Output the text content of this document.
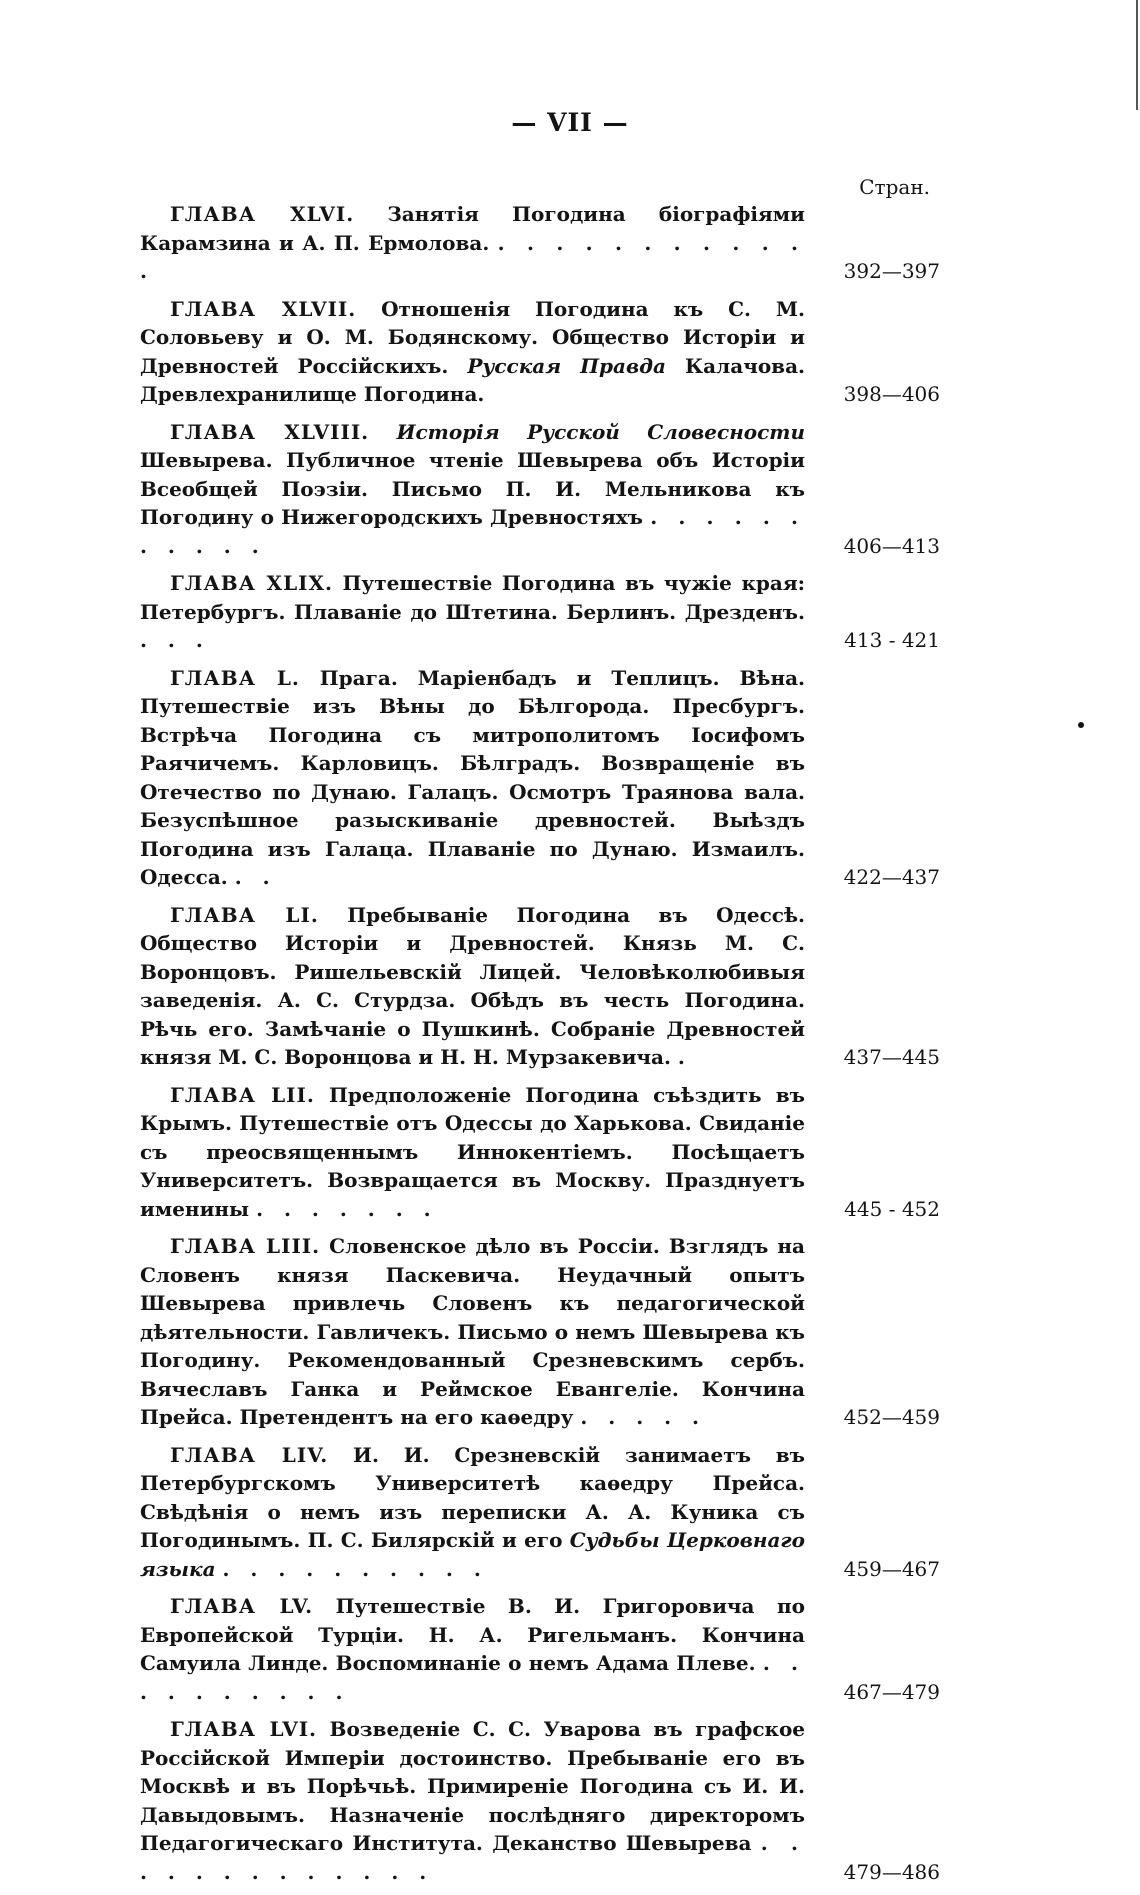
— VII —
Стран.
ГЛАВА XLVI. Занятія Погодина біографіями Карамзина и А. П. Ермолова. . . . . . . . . . . . .	392—397
ГЛАВА XLVII. Отношенія Погодина къ С. М. Соловьеву и О. М. Бодянскому. Общество Исторіи и Древностей Россійскихъ. Русская Правда Калачова. Древлехранилище Погодина.	398—406
ГЛАВА XLVIII. Исторія Русской Словесности Шевырева. Публичное чтеніе Шевырева объ Исторіи Всеобщей Поэзіи. Письмо П. И. Мельникова къ Погодину о Нижегородскихъ Древностяхъ . . . . . . . . . . .	406—413
ГЛАВА XLIX. Путешествіе Погодина въ чужіе края: Петербургъ. Плаваніе до Штетина. Берлинъ. Дрезденъ. . . .	413 - 421
ГЛАВА L. Прага. Маріенбадъ и Теплицъ. Вѣна. Путешествіе изъ Вѣны до Бѣлгорода. Пресбургъ. Встрѣча Погодина съ митрополитомъ Іосифомъ Раячичемъ. Карловицъ. Бѣлградъ. Возвращеніе въ Отечество по Дунаю. Галацъ. Осмотръ Траянова вала. Безуспѣшное разыскиваніе древностей. Выѣздъ Погодина изъ Галаца. Плаваніе по Дунаю. Измаилъ. Одесса. . .	422—437
ГЛАВА LI. Пребываніе Погодина въ Одессѣ. Общество Исторіи и Древностей. Князь М. С. Воронцовъ. Ришельевскій Лицей. Человѣколюбивыя заведенія. А. С. Стурдза. Обѣдъ въ честь Погодина. Рѣчь его. Замѣчаніе о Пушкинѣ. Собраніе Древностей князя М. С. Воронцова и Н. Н. Мурзакевича. .	437—445
ГЛАВА LII. Предположеніе Погодина съѣздить въ Крымъ. Путешествіе отъ Одессы до Харькова. Свиданіе съ преосвященнымъ Иннокентіемъ. Посѣщаетъ Университетъ. Возвращается въ Москву. Празднуетъ именины . . . . . . .	445 - 452
ГЛАВА LIII. Словенское дѣло въ Россіи. Взглядъ на Словенъ князя Паскевича. Неудачный опытъ Шевырева привлечь Словенъ къ педагогической дѣятельности. Гавличекъ. Письмо о немъ Шевырева къ Погодину. Рекомендованный Срезневскимъ сербъ. Вячеславъ Ганка и Реймское Евангеліе. Кончина Прейса. Претендентъ на его каѳедру . . . . .	452—459
ГЛАВА LIV. И. И. Срезневскій занимаетъ въ Петербургскомъ Университетѣ каѳедру Прейса. Свѣдѣнія о немъ изъ переписки А. А. Куника съ Погодинымъ. П. С. Билярскій и его Судьбы Церковнаго языка . . . . . . . . . .	459—467
ГЛАВА LV. Путешествіе В. И. Григоровича по Европейской Турціи. Н. А. Ригельманъ. Кончина Самуила Линде. Воспоминаніе о немъ Адама Плеве. . . . . . . . . . .	467—479
ГЛАВА LVI. Возведеніе С. С. Уварова въ графское Россійской Имперіи достоинство. Пребываніе его въ Москвѣ и въ Порѣчьѣ. Примиреніе Погодина съ И. И. Давыдовымъ. Назначеніе послѣдняго директоромъ Педагогическаго Института. Деканство Шевырева . . . . . . . . . . . . .	479—486
